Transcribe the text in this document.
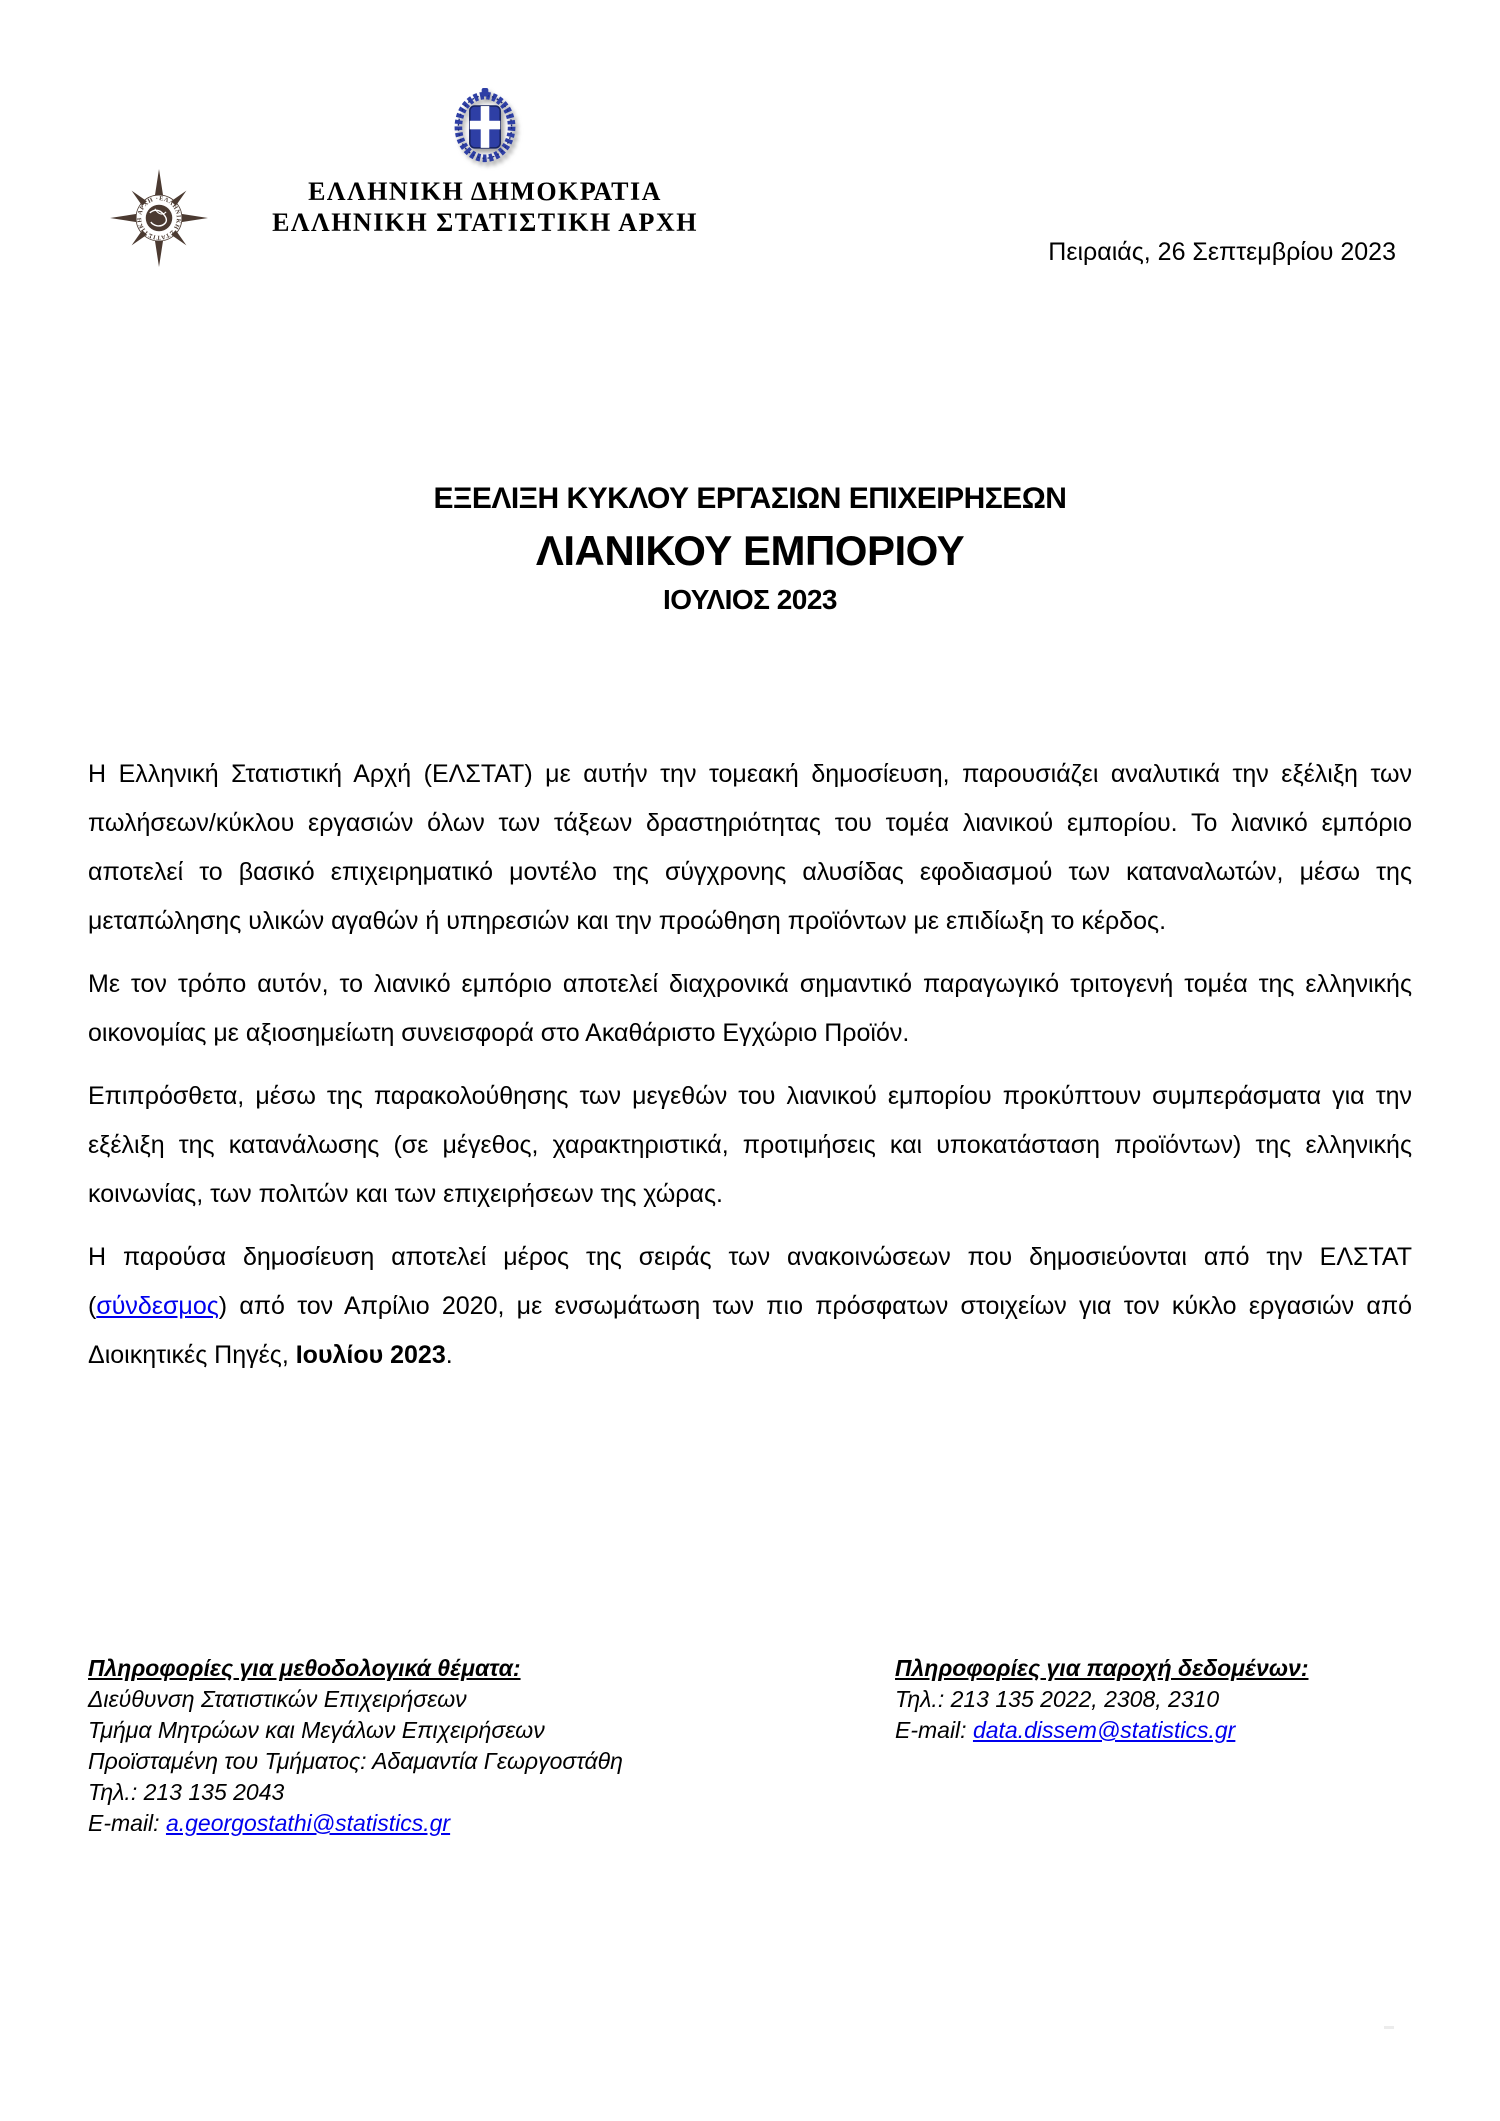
ΕΛΛΗΝΙΚΗ ΣΤΑΤΙΣΤΙΚΗ ΑΡΧΗ ·	ΕΛΛΗΝΙΚΗ ΔΗΜΟΚΡΑΤΙΑ
ΕΛΛΗΝΙΚΗ ΣΤΑΤΙΣΤΙΚΗ ΑΡΧΗ
Πειραιάς, 26 Σεπτεμβρίου 2023

ΕΞΕΛΙΞΗ ΚΥΚΛΟΥ ΕΡΓΑΣΙΩΝ ΕΠΙΧΕΙΡΗΣΕΩΝ

ΛΙΑΝΙΚΟΥ ΕΜΠΟΡΙΟΥ

ΙΟΥΛΙΟΣ 2023

Η Ελληνική Στατιστική Αρχή (ΕΛΣΤΑΤ) με αυτήν την τομεακή δημοσίευση, παρουσιάζει αναλυτικά την εξέλιξη των πωλήσεων/κύκλου εργασιών όλων των τάξεων δραστηριότητας του τομέα λιανικού εμπορίου. Το λιανικό εμπόριο αποτελεί το βασικό επιχειρηματικό μοντέλο της σύγχρονης αλυσίδας εφοδιασμού των καταναλωτών, μέσω της μεταπώλησης υλικών αγαθών ή υπηρεσιών και την προώθηση προϊόντων με επιδίωξη το κέρδος.

Με τον τρόπο αυτόν, το λιανικό εμπόριο αποτελεί διαχρονικά σημαντικό παραγωγικό τριτογενή τομέα της ελληνικής οικονομίας με αξιοσημείωτη συνεισφορά στο Ακαθάριστο Εγχώριο Προϊόν.

Επιπρόσθετα, μέσω της παρακολούθησης των μεγεθών του λιανικού εμπορίου προκύπτουν συμπεράσματα για την εξέλιξη της κατανάλωσης (σε μέγεθος, χαρακτηριστικά, προτιμήσεις και υποκατάσταση προϊόντων) της ελληνικής κοινωνίας, των πολιτών και των επιχειρήσεων της χώρας.

Η παρούσα δημοσίευση αποτελεί μέρος της σειράς των ανακοινώσεων που δημοσιεύονται από την ΕΛΣΤΑΤ (σύνδεσμος) από τον Απρίλιο 2020, με ενσωμάτωση των πιο πρόσφατων στοιχείων για τον κύκλο εργασιών από Διοικητικές Πηγές, Ιουλίου 2023.

Πληροφορίες για μεθοδολογικά θέματα:
Διεύθυνση Στατιστικών Επιχειρήσεων
Τμήμα Μητρώων και Μεγάλων Επιχειρήσεων
Προϊσταμένη του Τμήματος: Αδαμαντία Γεωργοστάθη
Τηλ.: 213 135 2043
E-mail: a.georgostathi@statistics.gr
Πληροφορίες για παροχή δεδομένων:
Τηλ.: 213 135 2022, 2308, 2310
E-mail: data.dissem@statistics.gr
